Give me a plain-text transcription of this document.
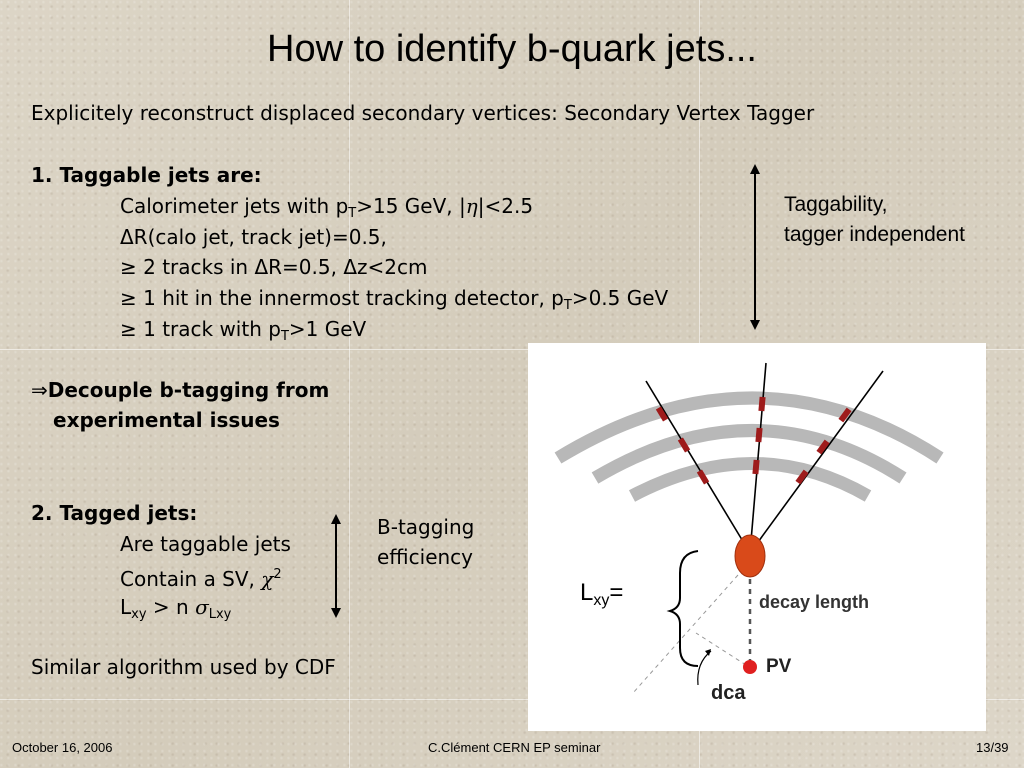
How to identify b-quark jets...
Explicitely reconstruct displaced secondary vertices: Secondary Vertex Tagger
1. Taggable jets are:
Calorimeter jets with $p_T>15$ GeV, |η|<2.5
ΔR(calo jet, track jet)=0.5,
≥ 2 tracks in ΔR=0.5, Δz<2cm
≥ 1 hit in the innermost tracking detector, $p_T>0.5$ GeV
≥ 1 track with $p_T>1$ GeV
Taggability,
tagger independent
⇒Decouple b-tagging from
experimental issues
2. Tagged jets:
Are taggable jets
Contain a SV, $\chi^2$
$L_{xy} > n$ $\sigma_{Lxy}$
B-tagging
efficiency
Similar algorithm used by CDF
$L_{xy}=$	decay length
PV
dca
October 16, 2006	C.Clément CERN EP seminar	13/39
